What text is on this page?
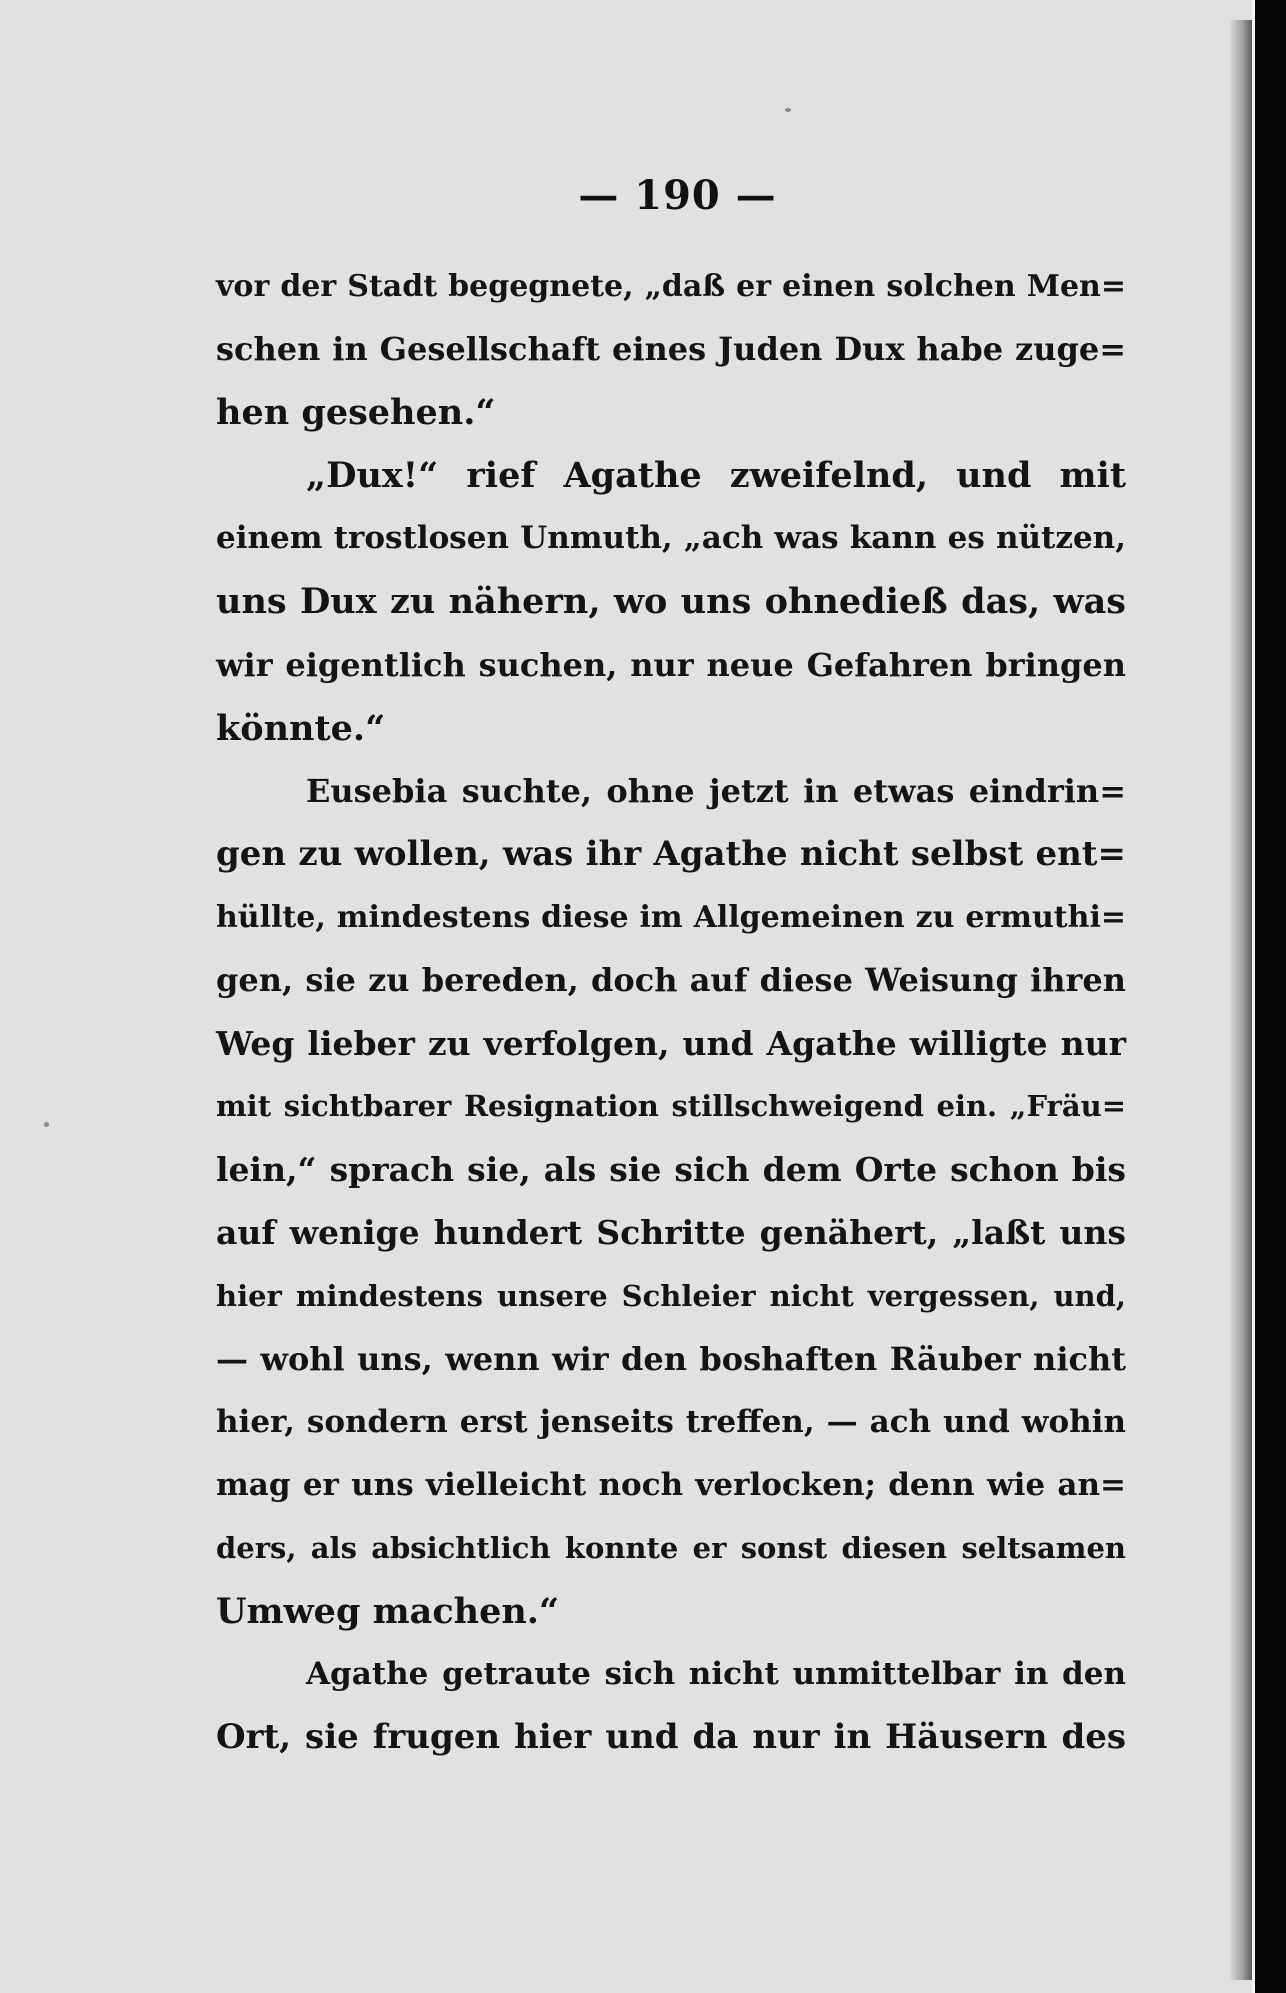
— 190 —
vor der Stadt begegnete, „daß er einen solchen Men=
schen in Gesellschaft eines Juden Dux habe zuge=
hen gesehen.“
„Dux!“ rief Agathe zweifelnd, und mit
einem trostlosen Unmuth, „ach was kann es nützen,
uns Dux zu nähern, wo uns ohnedieß das, was
wir eigentlich suchen, nur neue Gefahren bringen
könnte.“
Eusebia suchte, ohne jetzt in etwas eindrin=
gen zu wollen, was ihr Agathe nicht selbst ent=
hüllte, mindestens diese im Allgemeinen zu ermuthi=
gen, sie zu bereden, doch auf diese Weisung ihren
Weg lieber zu verfolgen, und Agathe willigte nur
mit sichtbarer Resignation stillschweigend ein. „Fräu=
lein,“ sprach sie, als sie sich dem Orte schon bis
auf wenige hundert Schritte genähert, „laßt uns
hier mindestens unsere Schleier nicht vergessen, und,
— wohl uns, wenn wir den boshaften Räuber nicht
hier, sondern erst jenseits treffen, — ach und wohin
mag er uns vielleicht noch verlocken; denn wie an=
ders, als absichtlich konnte er sonst diesen seltsamen
Umweg machen.“
Agathe getraute sich nicht unmittelbar in den
Ort, sie frugen hier und da nur in Häusern des
